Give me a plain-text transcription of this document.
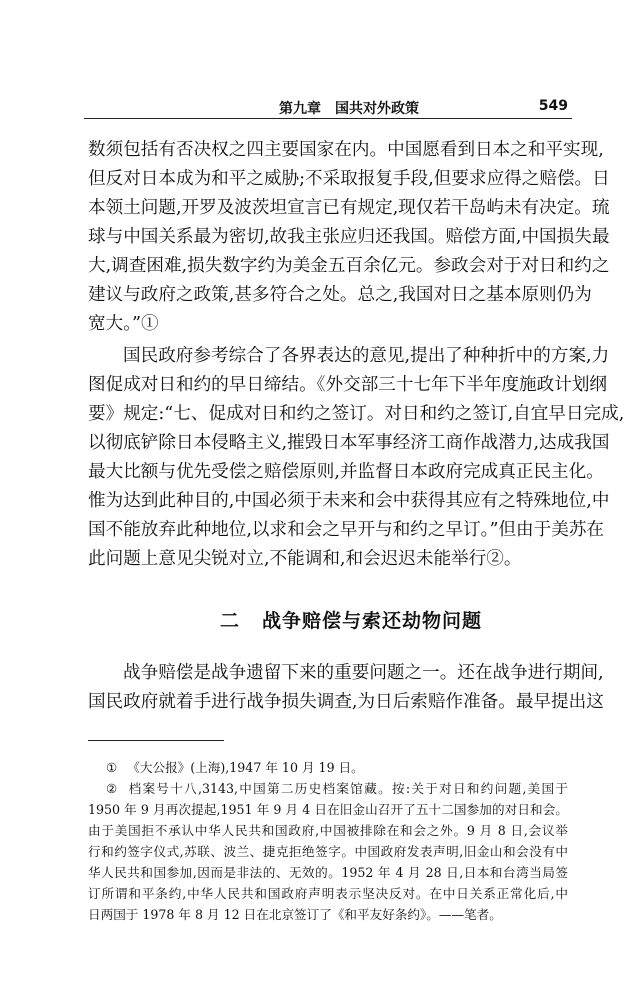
第九章　国共对外政策	549
数须包括有否决权之四主要国家在内。中国愿看到日本之和平实现,
但反对日本成为和平之威胁;不采取报复手段,但要求应得之赔偿。日
本领土问题,开罗及波茨坦宣言已有规定,现仅若干岛屿未有决定。琉
球与中国关系最为密切,故我主张应归还我国。赔偿方面,中国损失最
大,调查困难,损失数字约为美金五百余亿元。参政会对于对日和约之
建议与政府之政策,甚多符合之处。总之,我国对日之基本原则仍为
宽大。”①
国民政府参考综合了各界表达的意见,提出了种种折中的方案,力
图促成对日和约的早日缔结。《外交部三十七年下半年度施政计划纲
要》规定:“七、促成对日和约之签订。对日和约之签订,自宜早日完成,
以彻底铲除日本侵略主义,摧毁日本军事经济工商作战潜力,达成我国
最大比额与优先受偿之赔偿原则,并监督日本政府完成真正民主化。
惟为达到此种目的,中国必须于未来和会中获得其应有之特殊地位,中
国不能放弃此种地位,以求和会之早开与和约之早订。”但由于美苏在
此问题上意见尖锐对立,不能调和,和会迟迟未能举行②。
二 战争赔偿与索还劫物问题
战争赔偿是战争遗留下来的重要问题之一。还在战争进行期间,
国民政府就着手进行战争损失调查,为日后索赔作准备。最早提出这
① 《大公报》(上海),1947 年 10 月 19 日。
② 档案号十八,3143,中国第二历史档案馆藏。按:关于对日和约问题,美国于
1950 年 9 月再次提起,1951 年 9 月 4 日在旧金山召开了五十二国参加的对日和会。
由于美国拒不承认中华人民共和国政府,中国被排除在和会之外。9 月 8 日,会议举
行和约签字仪式,苏联、波兰、捷克拒绝签字。中国政府发表声明,旧金山和会没有中
华人民共和国参加,因而是非法的、无效的。1952 年 4 月 28 日,日本和台湾当局签
订所谓和平条约,中华人民共和国政府声明表示坚决反对。在中日关系正常化后,中
日两国于 1978 年 8 月 12 日在北京签订了《和平友好条约》。——笔者。
